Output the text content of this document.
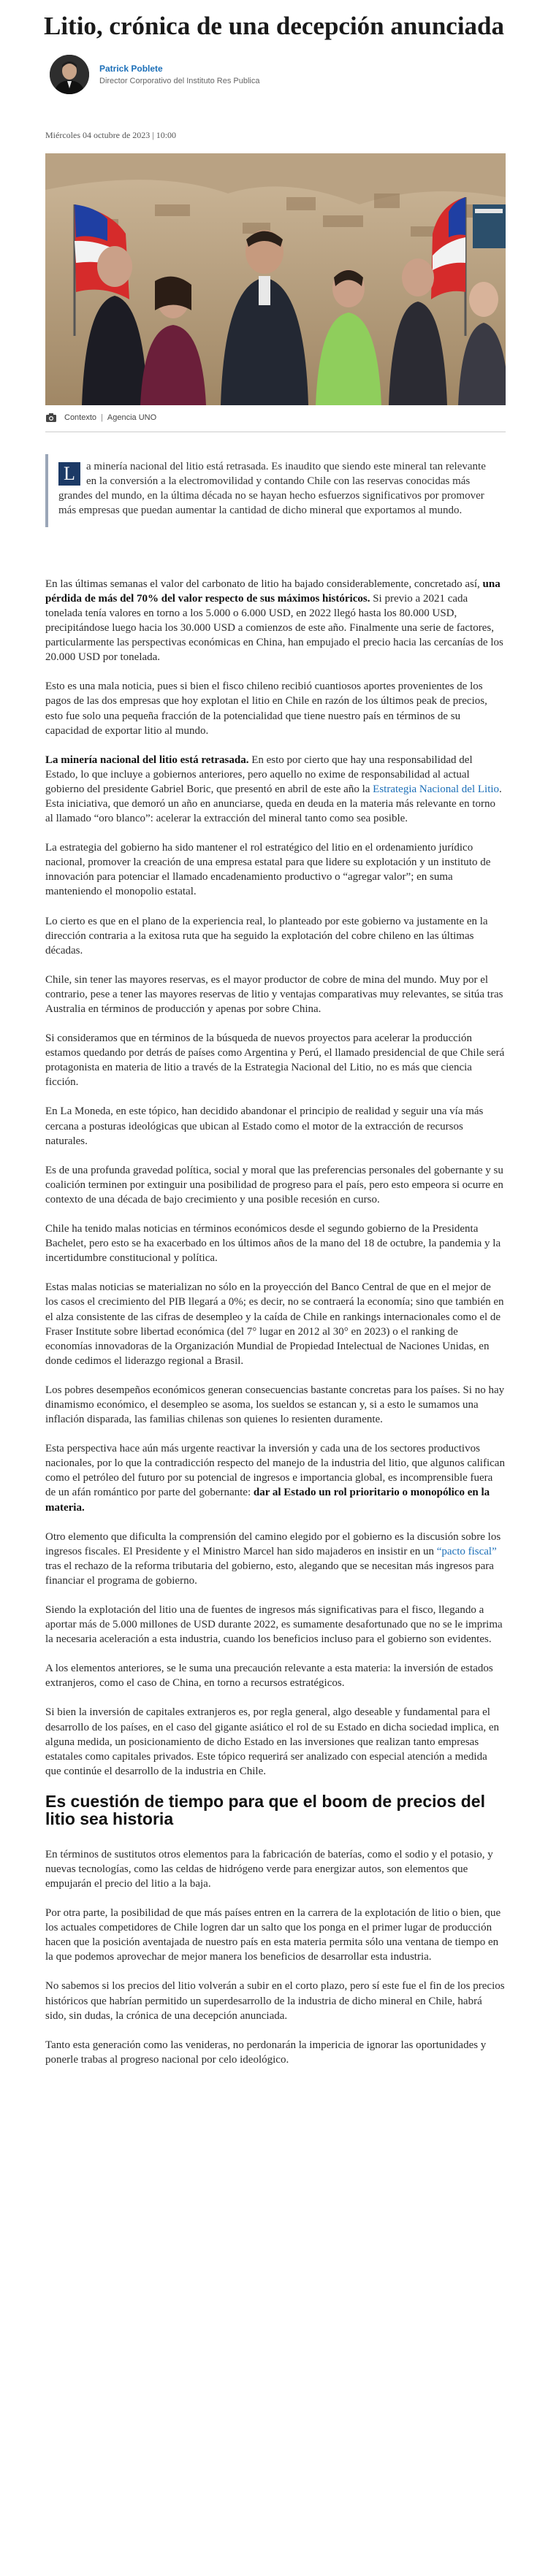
Litio, crónica de una decepción anunciada
Patrick Poblete
Director Corporativo del Instituto Res Publica
Miércoles 04 octubre de 2023 | 10:00
Contexto | Agencia UNO
L	a minería nacional del litio está retrasada. Es inaudito que siendo este mineral tan relevante en la conversión a la electromovilidad y contando Chile con las reservas conocidas más grandes del mundo, en la última década no se hayan hecho esfuerzos significativos por promover más empresas que puedan aumentar la cantidad de dicho mineral que exportamos al mundo.

En las últimas semanas el valor del carbonato de litio ha bajado considerablemente, concretado así, una pérdida de más del 70% del valor respecto de sus máximos históricos. Si previo a 2021 cada tonelada tenía valores en torno a los 5.000 o 6.000 USD, en 2022 llegó hasta los 80.000 USD, precipitándose luego hacia los 30.000 USD a comienzos de este año. Finalmente una serie de factores, particularmente las perspectivas económicas en China, han empujado el precio hacia las cercanías de los 20.000 USD por tonelada.

Esto es una mala noticia, pues si bien el fisco chileno recibió cuantiosos aportes provenientes de los pagos de las dos empresas que hoy explotan el litio en Chile en razón de los últimos peak de precios, esto fue solo una pequeña fracción de la potencialidad que tiene nuestro país en términos de su capacidad de exportar litio al mundo.

La minería nacional del litio está retrasada. En esto por cierto que hay una responsabilidad del Estado, lo que incluye a gobiernos anteriores, pero aquello no exime de responsabilidad al actual gobierno del presidente Gabriel Boric, que presentó en abril de este año la Estrategia Nacional del Litio. Esta iniciativa, que demoró un año en anunciarse, queda en deuda en la materia más relevante en torno al llamado “oro blanco”: acelerar la extracción del mineral tanto como sea posible.

La estrategia del gobierno ha sido mantener el rol estratégico del litio en el ordenamiento jurídico nacional, promover la creación de una empresa estatal para que lidere su explotación y un instituto de innovación para potenciar el llamado encadenamiento productivo o “agregar valor”; en suma manteniendo el monopolio estatal.

Lo cierto es que en el plano de la experiencia real, lo planteado por este gobierno va justamente en la dirección contraria a la exitosa ruta que ha seguido la explotación del cobre chileno en las últimas décadas.

Chile, sin tener las mayores reservas, es el mayor productor de cobre de mina del mundo. Muy por el contrario, pese a tener las mayores reservas de litio y ventajas comparativas muy relevantes, se sitúa tras Australia en términos de producción y apenas por sobre China.

Si consideramos que en términos de la búsqueda de nuevos proyectos para acelerar la producción estamos quedando por detrás de países como Argentina y Perú, el llamado presidencial de que Chile será protagonista en materia de litio a través de la Estrategia Nacional del Litio, no es más que ciencia ficción.

En La Moneda, en este tópico, han decidido abandonar el principio de realidad y seguir una vía más cercana a posturas ideológicas que ubican al Estado como el motor de la extracción de recursos naturales.

Es de una profunda gravedad política, social y moral que las preferencias personales del gobernante y su coalición terminen por extinguir una posibilidad de progreso para el país, pero esto empeora si ocurre en contexto de una década de bajo crecimiento y una posible recesión en curso.

Chile ha tenido malas noticias en términos económicos desde el segundo gobierno de la Presidenta Bachelet, pero esto se ha exacerbado en los últimos años de la mano del 18 de octubre, la pandemia y la incertidumbre constitucional y política.

Estas malas noticias se materializan no sólo en la proyección del Banco Central de que en el mejor de los casos el crecimiento del PIB llegará a 0%; es decir, no se contraerá la economía; sino que también en el alza consistente de las cifras de desempleo y la caída de Chile en rankings internacionales como el de Fraser Institute sobre libertad económica (del 7° lugar en 2012 al 30° en 2023) o el ranking de economías innovadoras de la Organización Mundial de Propiedad Intelectual de Naciones Unidas, en donde cedimos el liderazgo regional a Brasil.

Los pobres desempeños económicos generan consecuencias bastante concretas para los países. Si no hay dinamismo económico, el desempleo se asoma, los sueldos se estancan y, si a esto le sumamos una inflación disparada, las familias chilenas son quienes lo resienten duramente.

Esta perspectiva hace aún más urgente reactivar la inversión y cada una de los sectores productivos nacionales, por lo que la contradicción respecto del manejo de la industria del litio, que algunos califican como el petróleo del futuro por su potencial de ingresos e importancia global, es incomprensible fuera de un afán romántico por parte del gobernante: dar al Estado un rol prioritario o monopólico en la materia.

Otro elemento que dificulta la comprensión del camino elegido por el gobierno es la discusión sobre los ingresos fiscales. El Presidente y el Ministro Marcel han sido majaderos en insistir en un “pacto fiscal” tras el rechazo de la reforma tributaria del gobierno, esto, alegando que se necesitan más ingresos para financiar el programa de gobierno.

Siendo la explotación del litio una de fuentes de ingresos más significativas para el fisco, llegando a aportar más de 5.000 millones de USD durante 2022, es sumamente desafortunado que no se le imprima la necesaria aceleración a esta industria, cuando los beneficios incluso para el gobierno son evidentes.

A los elementos anteriores, se le suma una precaución relevante a esta materia: la inversión de estados extranjeros, como el caso de China, en torno a recursos estratégicos.

Si bien la inversión de capitales extranjeros es, por regla general, algo deseable y fundamental para el desarrollo de los países, en el caso del gigante asiático el rol de su Estado en dicha sociedad implica, en alguna medida, un posicionamiento de dicho Estado en las inversiones que realizan tanto empresas estatales como capitales privados. Este tópico requerirá ser analizado con especial atención a medida que continúe el desarrollo de la industria en Chile.

Es cuestión de tiempo para que el boom de precios del litio sea historia

En términos de sustitutos otros elementos para la fabricación de baterías, como el sodio y el potasio, y nuevas tecnologías, como las celdas de hidrógeno verde para energizar autos, son elementos que empujarán el precio del litio a la baja.

Por otra parte, la posibilidad de que más países entren en la carrera de la explotación de litio o bien, que los actuales competidores de Chile logren dar un salto que los ponga en el primer lugar de producción hacen que la posición aventajada de nuestro país en esta materia permita sólo una ventana de tiempo en la que podemos aprovechar de mejor manera los beneficios de desarrollar esta industria.

No sabemos si los precios del litio volverán a subir en el corto plazo, pero sí este fue el fin de los precios históricos que habrían permitido un superdesarrollo de la industria de dicho mineral en Chile, habrá sido, sin dudas, la crónica de una decepción anunciada.

Tanto esta generación como las venideras, no perdonarán la impericia de ignorar las oportunidades y ponerle trabas al progreso nacional por celo ideológico.
